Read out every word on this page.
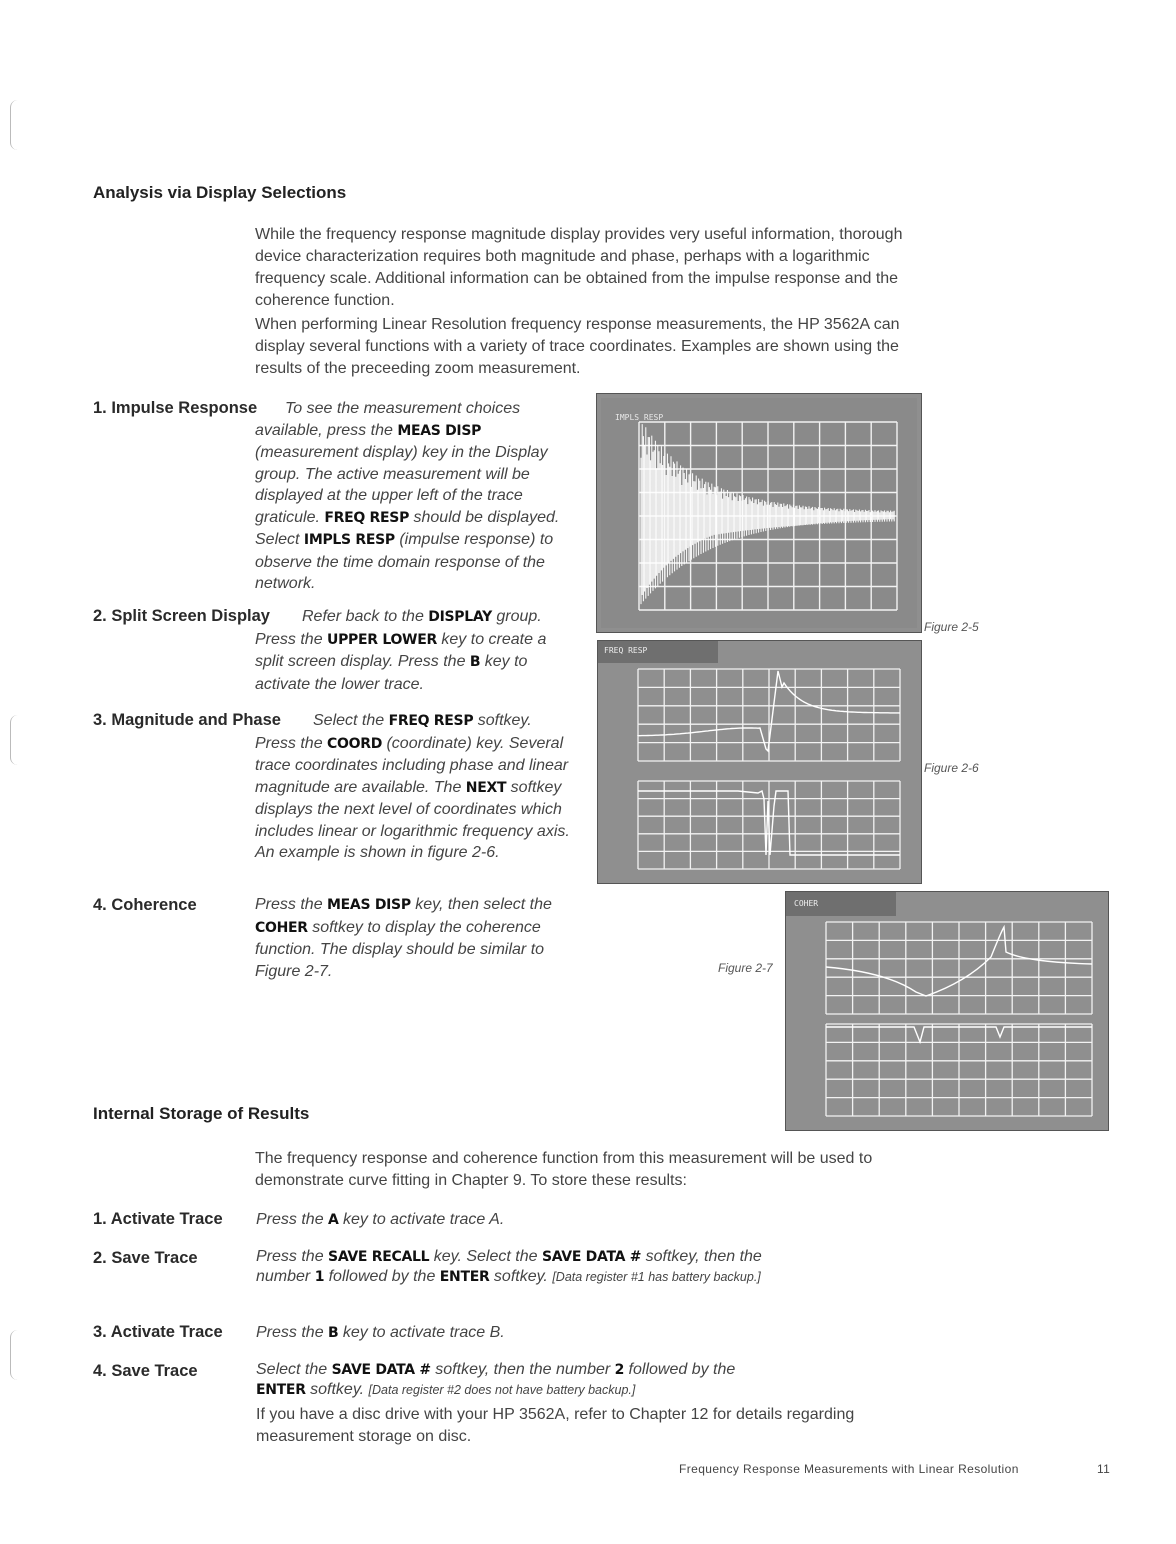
Analysis via Display Selections
While the frequency response magnitude display provides very useful information, thorough device characterization requires both magnitude and phase, perhaps with a logarithmic frequency scale. Additional information can be obtained from the impulse response and the coherence function.
When performing Linear Resolution frequency response measurements, the HP 3562A can display several functions with a variety of trace coordinates. Examples are shown using the results of the preceeding zoom measurement.
1. Impulse Response	To see the measurement choices available, press the MEAS DISP (measurement display) key in the Display group. The active measurement will be displayed at the upper left of the trace graticule. FREQ RESP should be displayed. Select IMPLS RESP (impulse response) to observe the time domain response of the network.
2. Split Screen Display	Refer back to the DISPLAY group. Press the UPPER LOWER key to create a split screen display. Press the B key to activate the lower trace.
3. Magnitude and Phase	Select the FREQ RESP softkey. Press the COORD (coordinate) key. Several trace coordinates including phase and linear magnitude are available. The NEXT softkey displays the next level of coordinates which includes linear or logarithmic frequency axis. An example is shown in figure 2-6.
4. Coherence	Press the MEAS DISP key, then select the COHER softkey to display the coherence function. The display should be similar to Figure 2-7.
IMPLS RESP
Figure 2-5
FREQ RESP
Figure 2-6
COHER
Figure 2-7
Internal Storage of Results
The frequency response and coherence function from this measurement will be used to demonstrate curve fitting in Chapter 9. To store these results:
1. Activate Trace Press the A key to activate trace A.
2. Save Trace	Press the SAVE RECALL key. Select the SAVE DATA # softkey, then the number 1 followed by the ENTER softkey. [Data register #1 has battery backup.]
3. Activate Trace Press the B key to activate trace B.
4. Save Trace	Select the SAVE DATA # softkey, then the number 2 followed by the ENTER softkey. [Data register #2 does not have battery backup.]
If you have a disc drive with your HP 3562A, refer to Chapter 12 for details regarding measurement storage on disc.
Frequency Response Measurements with Linear Resolution	11
